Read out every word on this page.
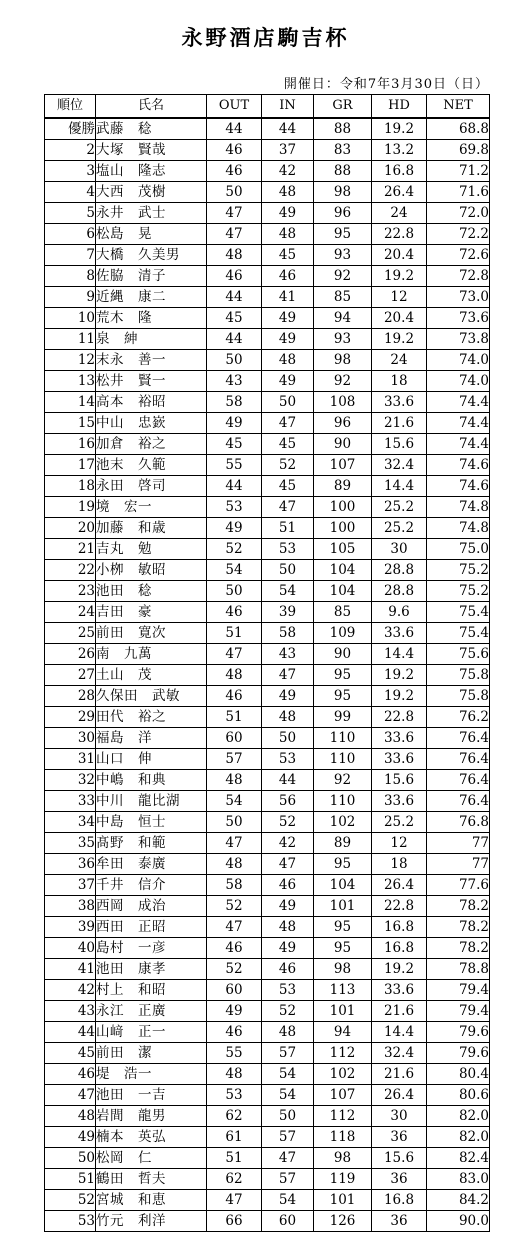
永野酒店駒吉杯
開催日：令和7年3月30日（日）
順位	氏名	OUT	IN	GR	HD	NET
優勝	武藤　稔	44	44	88	19.2	68.8
2	大塚　賢哉	46	37	83	13.2	69.8
3	塩山　隆志	46	42	88	16.8	71.2
4	大西　茂樹	50	48	98	26.4	71.6
5	永井　武士	47	49	96	24	72.0
6	松島　晃	47	48	95	22.8	72.2
7	大橋　久美男	48	45	93	20.4	72.6
8	佐脇　清子	46	46	92	19.2	72.8
9	近縄　康二	44	41	85	12	73.0
10	荒木　隆	45	49	94	20.4	73.6
11	泉　紳	44	49	93	19.2	73.8
12	末永　善一	50	48	98	24	74.0
13	松井　賢一	43	49	92	18	74.0
14	高本　裕昭	58	50	108	33.6	74.4
15	中山　忠嶔	49	47	96	21.6	74.4
16	加倉　裕之	45	45	90	15.6	74.4
17	池末　久範	55	52	107	32.4	74.6
18	永田　啓司	44	45	89	14.4	74.6
19	境　宏一	53	47	100	25.2	74.8
20	加藤　和歳	49	51	100	25.2	74.8
21	吉丸　勉	52	53	105	30	75.0
22	小栁　敏昭	54	50	104	28.8	75.2
23	池田　稔	50	54	104	28.8	75.2
24	吉田　豪	46	39	85	9.6	75.4
25	前田　寛次	51	58	109	33.6	75.4
26	南　九萬	47	43	90	14.4	75.6
27	土山　茂	48	47	95	19.2	75.8
28	久保田　武敏	46	49	95	19.2	75.8
29	田代　裕之	51	48	99	22.8	76.2
30	福島　洋	60	50	110	33.6	76.4
31	山口　伸	57	53	110	33.6	76.4
32	中嶋　和典	48	44	92	15.6	76.4
33	中川　龍比湖	54	56	110	33.6	76.4
34	中島　恒士	50	52	102	25.2	76.8
35	髙野　和範	47	42	89	12	77
36	牟田　泰廣	48	47	95	18	77
37	千井　信介	58	46	104	26.4	77.6
38	西岡　成治	52	49	101	22.8	78.2
39	西田　正昭	47	48	95	16.8	78.2
40	島村　一彦	46	49	95	16.8	78.2
41	池田　康孝	52	46	98	19.2	78.8
42	村上　和昭	60	53	113	33.6	79.4
43	永江　正廣	49	52	101	21.6	79.4
44	山﨑　正一	46	48	94	14.4	79.6
45	前田　潔	55	57	112	32.4	79.6
46	堤　浩一	48	54	102	21.6	80.4
47	池田　一吉	53	54	107	26.4	80.6
48	岩間　龍男	62	50	112	30	82.0
49	楠本　英弘	61	57	118	36	82.0
50	松岡　仁	51	47	98	15.6	82.4
51	鶴田　哲夫	62	57	119	36	83.0
52	宮城　和恵	47	54	101	16.8	84.2
53	竹元　利洋	66	60	126	36	90.0
